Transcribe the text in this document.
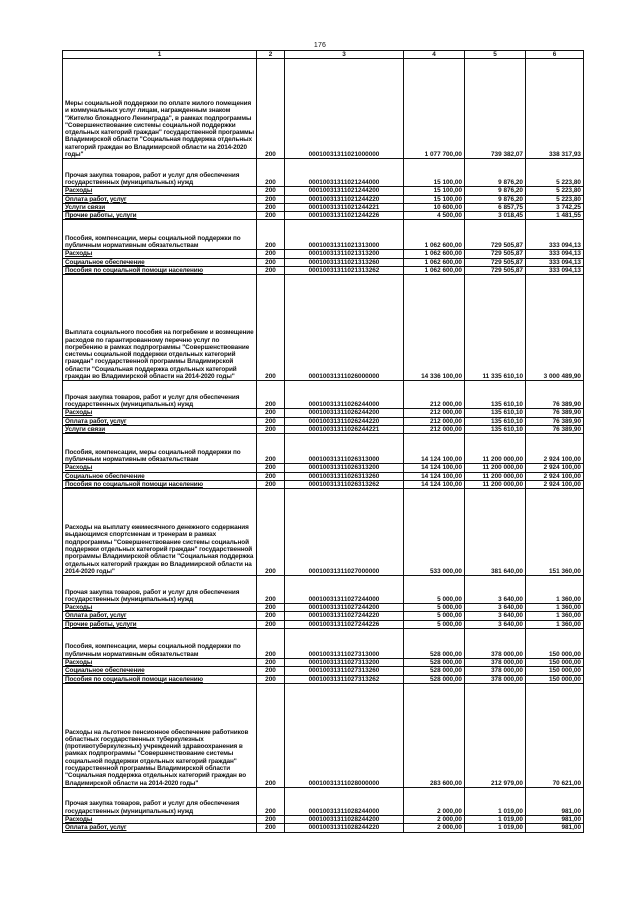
176
1	2	3	4	5	6
Меры социальной поддержки по оплате жилого помещения и коммунальных услуг лицам, награжденным знаком "Жителю блокадного Ленинграда", в рамках подпрограммы "Совершенствование системы социальной поддержки отдельных категорий граждан" государственной программы Владимирской области "Социальная поддержка отдельных категорий граждан во Владимирской области на 2014-2020 годы"	200	00010031311021000000	1 077 700,00	739 382,07	338 317,93
Прочая закупка товаров, работ и услуг для обеспечения государственных (муниципальных) нужд	200	00010031311021244000	15 100,00	9 876,20	5 223,80
Расходы	200	00010031311021244200	15 100,00	9 876,20	5 223,80
Оплата работ, услуг	200	00010031311021244220	15 100,00	9 876,20	5 223,80
Услуги связи	200	00010031311021244221	10 600,00	6 857,75	3 742,25
Прочие работы, услуги	200	00010031311021244226	4 500,00	3 018,45	1 481,55
Пособия, компенсации, меры социальной поддержки по публичным нормативным обязательствам	200	00010031311021313000	1 062 600,00	729 505,87	333 094,13
Расходы	200	00010031311021313200	1 062 600,00	729 505,87	333 094,13
Социальное обеспечение	200	00010031311021313260	1 062 600,00	729 505,87	333 094,13
Пособия по социальной помощи населению	200	00010031311021313262	1 062 600,00	729 505,87	333 094,13
Выплата социального пособия на погребение и возмещение расходов по гарантированному перечню услуг по погребению в рамках подпрограммы "Совершенствование системы социальной поддержки отдельных категорий граждан" государственной программы Владимирской области "Социальная поддержка отдельных категорий граждан во Владимирской области на 2014-2020 годы"	200	00010031311026000000	14 336 100,00	11 335 610,10	3 000 489,90
Прочая закупка товаров, работ и услуг для обеспечения государственных (муниципальных) нужд	200	00010031311026244000	212 000,00	135 610,10	76 389,90
Расходы	200	00010031311026244200	212 000,00	135 610,10	76 389,90
Оплата работ, услуг	200	00010031311026244220	212 000,00	135 610,10	76 389,90
Услуги связи	200	00010031311026244221	212 000,00	135 610,10	76 389,90
Пособия, компенсации, меры социальной поддержки по публичным нормативным обязательствам	200	00010031311026313000	14 124 100,00	11 200 000,00	2 924 100,00
Расходы	200	00010031311026313200	14 124 100,00	11 200 000,00	2 924 100,00
Социальное обеспечение	200	00010031311026313260	14 124 100,00	11 200 000,00	2 924 100,00
Пособия по социальной помощи населению	200	00010031311026313262	14 124 100,00	11 200 000,00	2 924 100,00
Расходы на выплату ежемесячного денежного содержания выдающимся спортсменам и тренерам в рамках подпрограммы "Совершенствование системы социальной поддержки отдельных категорий граждан" государственной программы Владимирской области "Социальная поддержка отдельных категорий граждан во Владимирской области на 2014-2020 годы"	200	00010031311027000000	533 000,00	381 640,00	151 360,00
Прочая закупка товаров, работ и услуг для обеспечения государственных (муниципальных) нужд	200	00010031311027244000	5 000,00	3 640,00	1 360,00
Расходы	200	00010031311027244200	5 000,00	3 640,00	1 360,00
Оплата работ, услуг	200	00010031311027244220	5 000,00	3 640,00	1 360,00
Прочие работы, услуги	200	00010031311027244226	5 000,00	3 640,00	1 360,00
Пособия, компенсации, меры социальной поддержки по публичным нормативным обязательствам	200	00010031311027313000	528 000,00	378 000,00	150 000,00
Расходы	200	00010031311027313200	528 000,00	378 000,00	150 000,00
Социальное обеспечение	200	00010031311027313260	528 000,00	378 000,00	150 000,00
Пособия по социальной помощи населению	200	00010031311027313262	528 000,00	378 000,00	150 000,00
Расходы на льготное пенсионное обеспечение работников областных государственных туберкулезных (противотуберкулезных) учреждений здравоохранения в рамках подпрограммы "Совершенствование системы социальной поддержки отдельных категорий граждан" государственной программы Владимирской области "Социальная поддержка отдельных категорий граждан во Владимирской области на 2014-2020 годы"	200	00010031311028000000	283 600,00	212 979,00	70 621,00
Прочая закупка товаров, работ и услуг для обеспечения государственных (муниципальных) нужд	200	00010031311028244000	2 000,00	1 019,00	981,00
Расходы	200	00010031311028244200	2 000,00	1 019,00	981,00
Оплата работ, услуг	200	00010031311028244220	2 000,00	1 019,00	981,00
